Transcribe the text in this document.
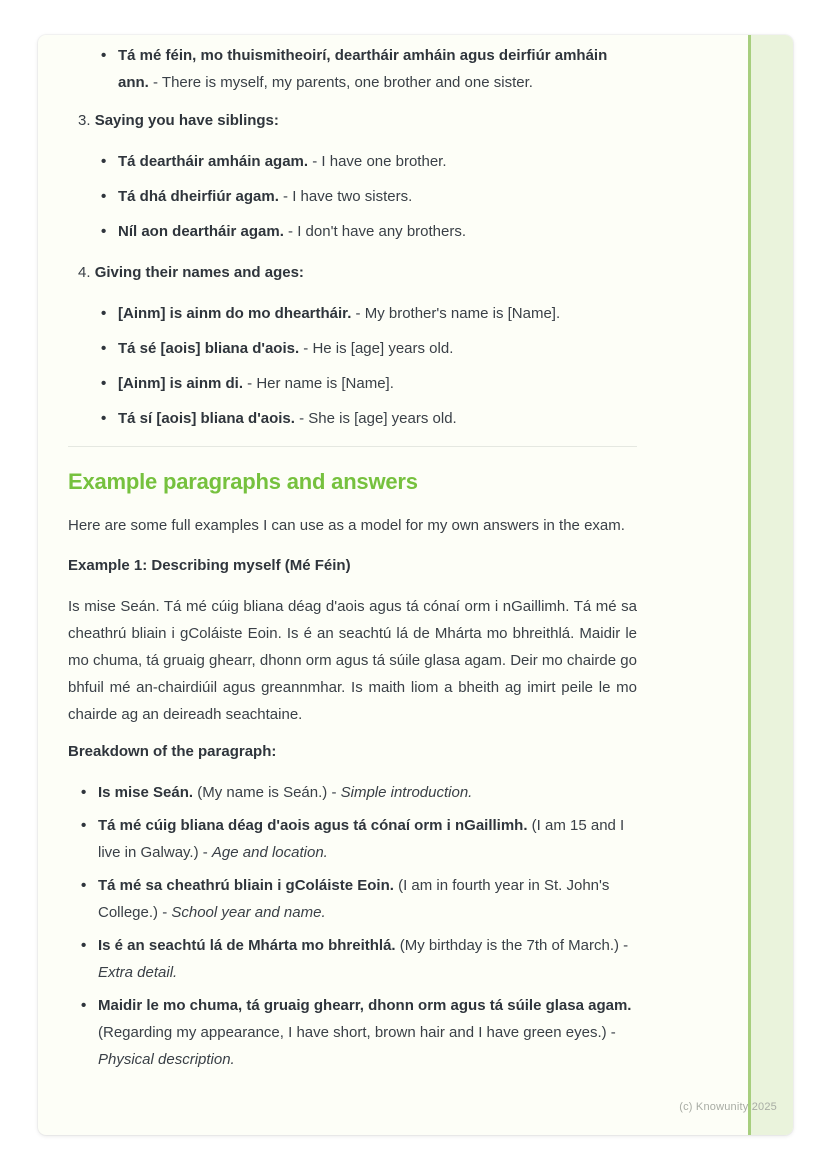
• Tá mé féin, mo thuismitheoirí, deartháir amháin agus deirfiúr amháin ann. - There is myself, my parents, one brother and one sister.
3. Saying you have siblings:
• Tá deartháir amháin agam. - I have one brother.
• Tá dhá dheirfiúr agam. - I have two sisters.
• Níl aon deartháir agam. - I don't have any brothers.
4. Giving their names and ages:
• [Ainm] is ainm do mo dheartháir. - My brother's name is [Name].
• Tá sé [aois] bliana d'aois. - He is [age] years old.
• [Ainm] is ainm di. - Her name is [Name].
• Tá sí [aois] bliana d'aois. - She is [age] years old.
Example paragraphs and answers

Here are some full examples I can use as a model for my own answers in the exam.

Example 1: Describing myself (Mé Féin)

Is mise Seán. Tá mé cúig bliana déag d'aois agus tá cónaí orm i nGaillimh. Tá mé sa cheathrú bliain i gColáiste Eoin. Is é an seachtú lá de Mhárta mo bhreithlá. Maidir le mo chuma, tá gruaig ghearr, dhonn orm agus tá súile glasa agam. Deir mo chairde go bhfuil mé an-chairdiúil agus greannmhar. Is maith liom a bheith ag imirt peile le mo chairde ag an deireadh seachtaine.

Breakdown of the paragraph:

• Is mise Seán. (My name is Seán.) - Simple introduction.
• Tá mé cúig bliana déag d'aois agus tá cónaí orm i nGaillimh. (I am 15 and I live in Galway.) - Age and location.
• Tá mé sa cheathrú bliain i gColáiste Eoin. (I am in fourth year in St. John's College.) - School year and name.
• Is é an seachtú lá de Mhárta mo bhreithlá. (My birthday is the 7th of March.) - Extra detail.
• Maidir le mo chuma, tá gruaig ghearr, dhonn orm agus tá súile glasa agam. (Regarding my appearance, I have short, brown hair and I have green eyes.) - Physical description.
(c) Knowunity 2025
